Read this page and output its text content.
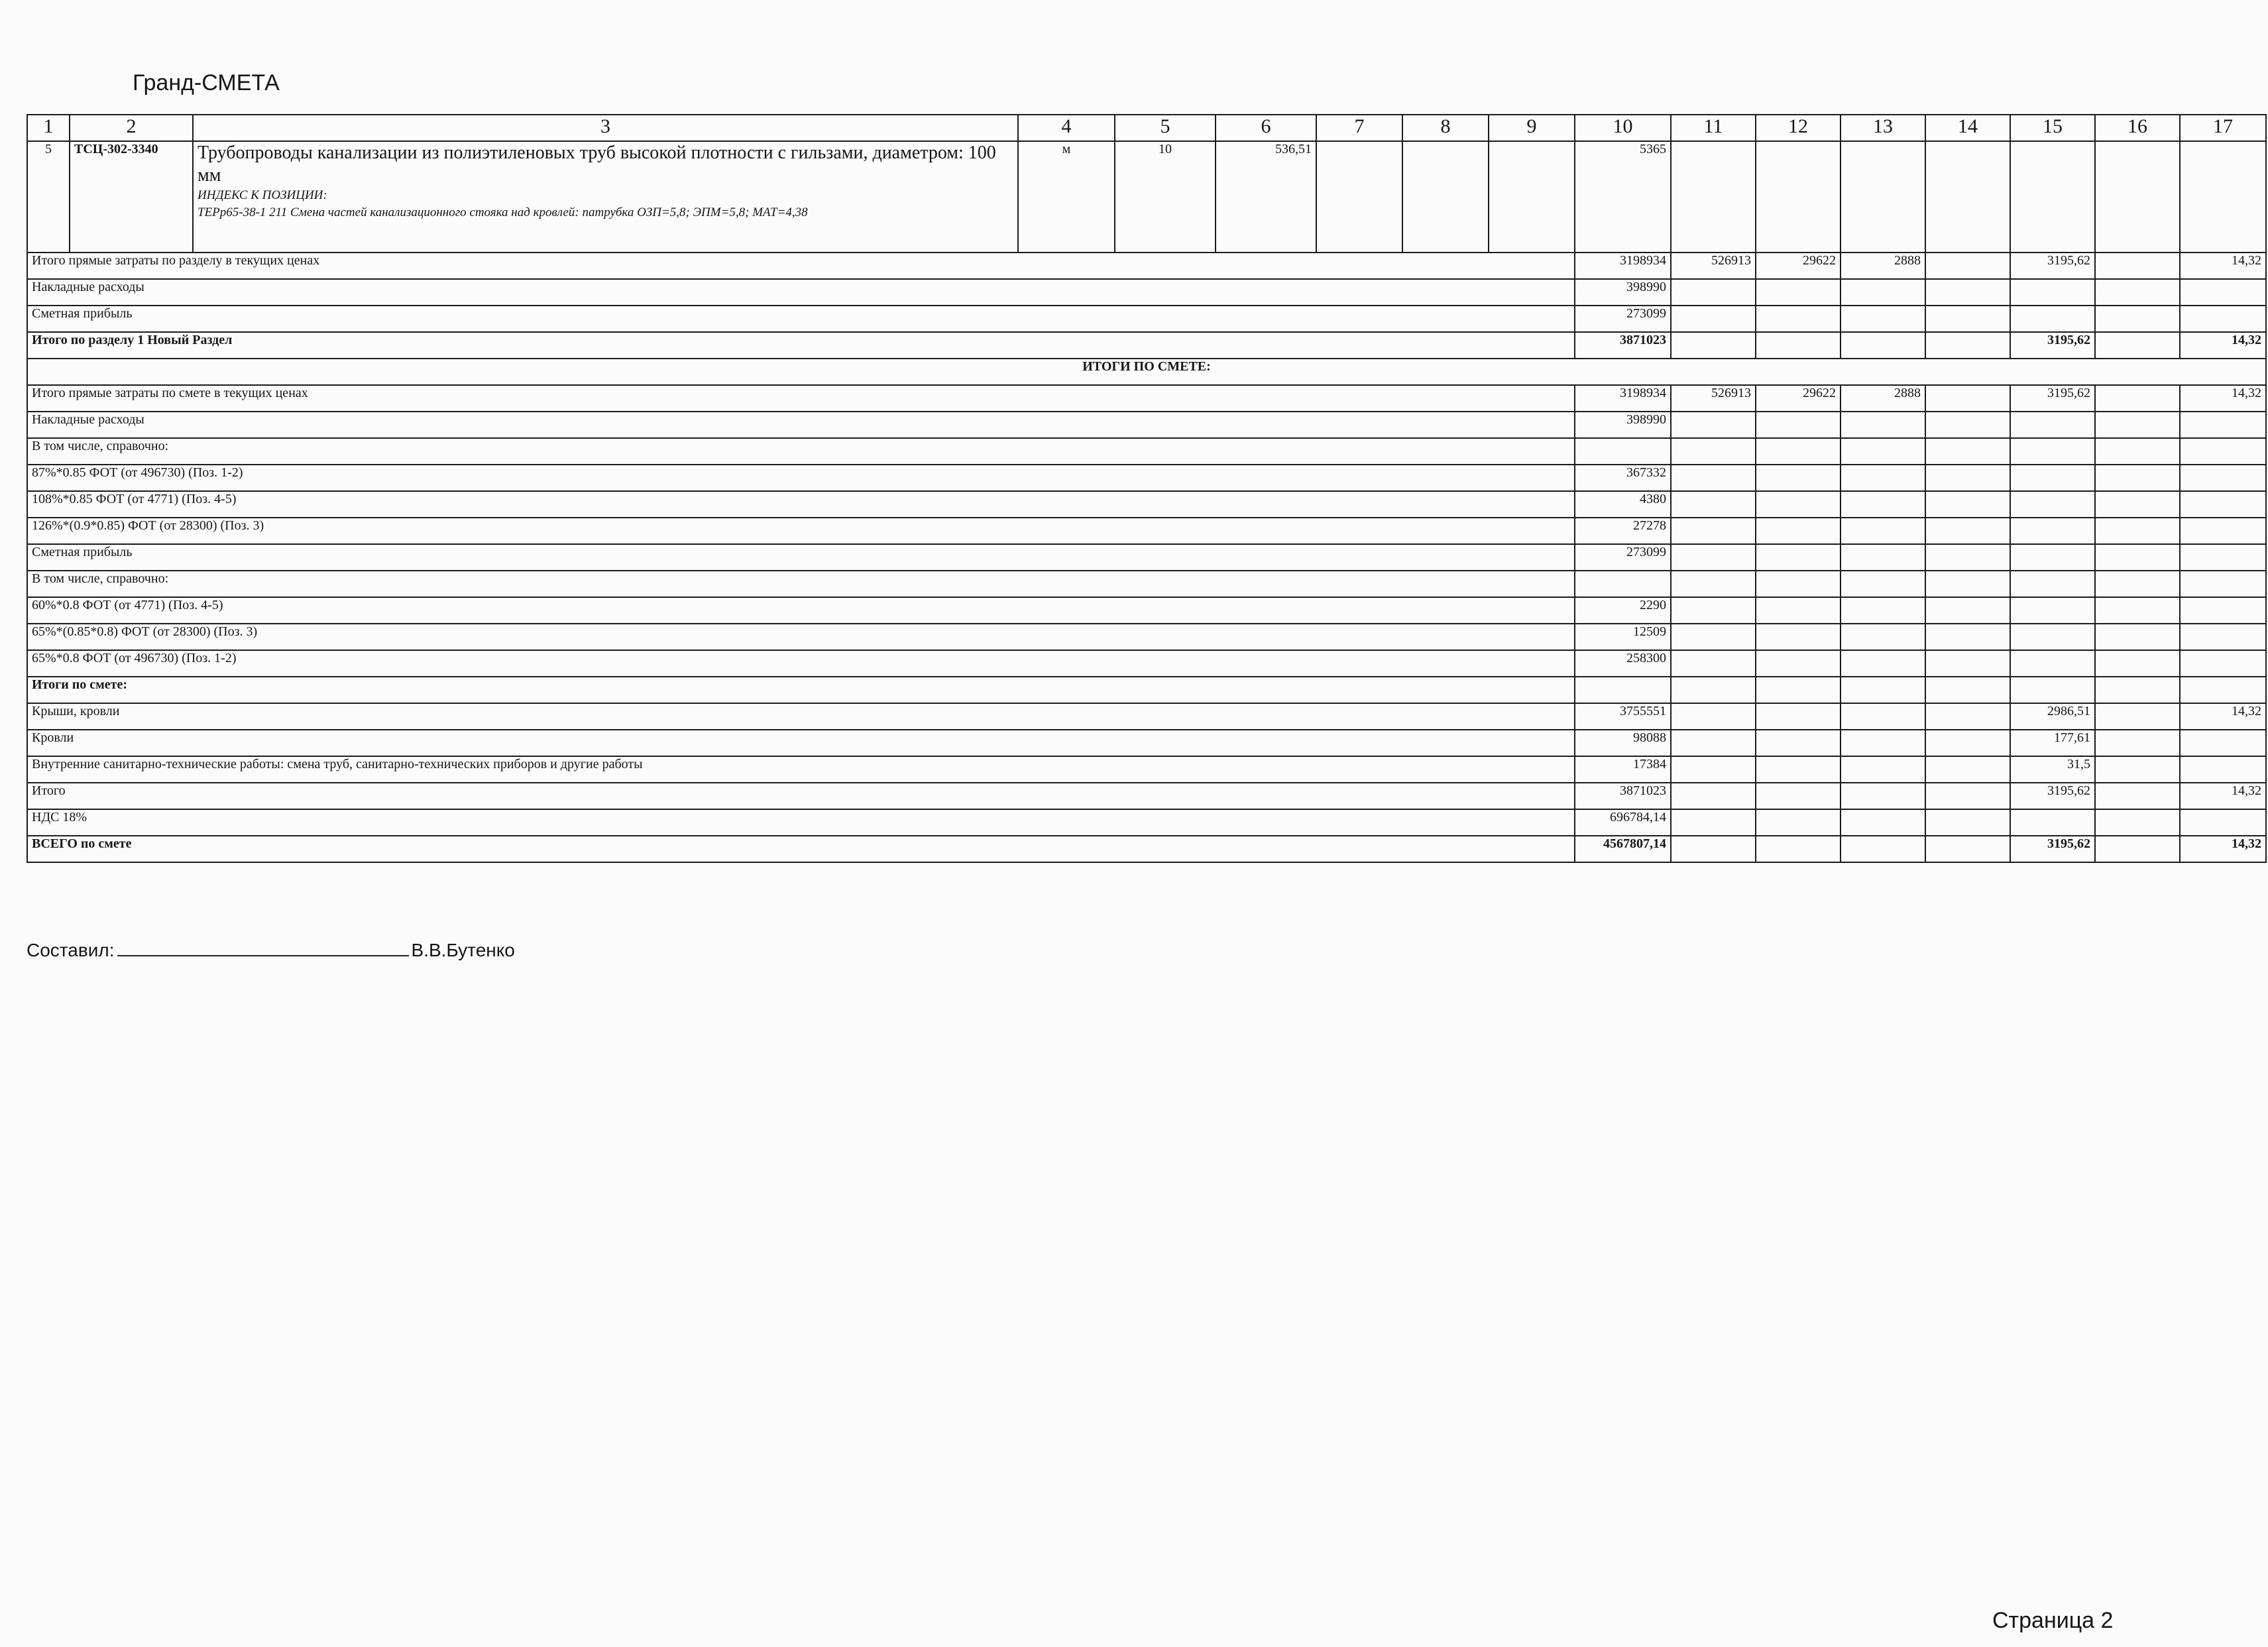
Гранд-СМЕТА
1	2	3	4	5	6	7	8	9	10	11	12	13	14	15	16	17
5	ТСЦ-302-3340	Трубопроводы канализации из полиэтиленовых труб высокой плотности с гильзами, диаметром: 100 мм
ИНДЕКС К ПОЗИЦИИ:
ТЕРр65-38-1 211 Смена частей канализационного стояка над кровлей: патрубка ОЗП=5,8; ЭПМ=5,8; МАТ=4,38	м	10	536,51				5365							
Итого прямые затраты по разделу в текущих ценах									3198934	526913	29622	2888		3195,62		14,32
Накладные расходы									398990							
Сметная прибыль									273099							
Итого по разделу 1 Новый Раздел									3871023					3195,62		14,32
ИТОГИ ПО СМЕТЕ:																
Итого прямые затраты по смете в текущих ценах									3198934	526913	29622	2888		3195,62		14,32
Накладные расходы									398990							
В том числе, справочно:																
87%*0.85 ФОТ (от 496730) (Поз. 1-2)									367332							
108%*0.85 ФОТ (от 4771) (Поз. 4-5)									4380							
126%*(0.9*0.85) ФОТ (от 28300) (Поз. 3)									27278							
Сметная прибыль									273099							
В том числе, справочно:																
60%*0.8 ФОТ (от 4771) (Поз. 4-5)									2290							
65%*(0.85*0.8) ФОТ (от 28300) (Поз. 3)									12509							
65%*0.8 ФОТ (от 496730) (Поз. 1-2)									258300							
Итоги по смете:																
Крыши, кровли									3755551					2986,51		14,32
Кровли									98088					177,61		
Внутренние санитарно-технические работы: смена труб, санитарно-технических приборов и другие работы									17384					31,5		
Итого									3871023					3195,62		14,32
НДС 18%									696784,14							
ВСЕГО по смете									4567807,14					3195,62		14,32
Составил:	В.В.Бутенко
Страница 2
